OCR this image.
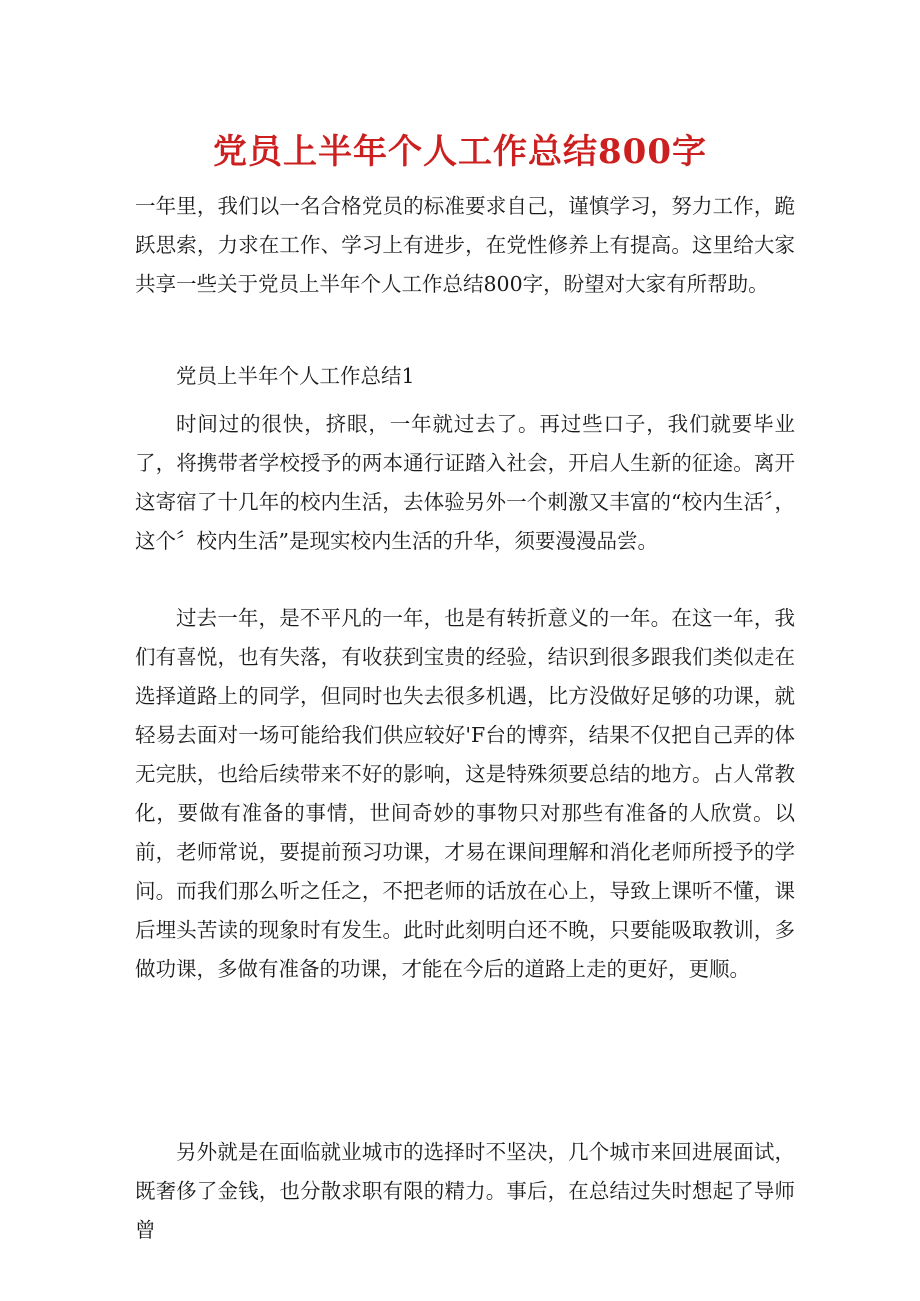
党员上半年个人工作总结800字

一年里，我们以一名合格党员的标准要求自己，谨慎学习，努力工作，跪跃思索，力求在工作、学习上有进步，在党性修养上有提高。这里给大家共享一些关于党员上半年个人工作总结800字，盼望对大家有所帮助。

党员上半年个人工作总结1

时间过的很快，挤眼，一年就过去了。再过些口子，我们就要毕业了，将携带者学校授予的两本通行证踏入社会，开启人生新的征途。离开这寄宿了十几年的校内生活，去体验另外一个刺激又丰富的“校内生活〞，这个〞校内生活”是现实校内生活的升华，须要漫漫品尝。

过去一年，是不平凡的一年，也是有转折意义的一年。在这一年，我们有喜悦，也有失落，有收获到宝贵的经验，结识到很多跟我们类似走在选择道路上的同学，但同时也失去很多机遇，比方没做好足够的功课，就轻易去面对一场可能给我们供应较好'F台的博弈，结果不仅把自己弄的体无完肤，也给后续带来不好的影响，这是特殊须要总结的地方。占人常教化，要做有准备的事情，世间奇妙的事物只对那些有准备的人欣赏。以前，老师常说，要提前预习功课，才易在课间理解和消化老师所授予的学问。而我们那么听之任之，不把老师的话放在心上，导致上课听不懂，课后埋头苦读的现象时有发生。此时此刻明白还不晚，只要能吸取教训，多做功课，多做有准备的功课，才能在今后的道路上走的更好，更顺。

另外就是在面临就业城市的选择时不坚决，几个城市来回进展面试，既奢侈了金钱，也分散求职有限的精力。事后，在总结过失时想起了导师曾
